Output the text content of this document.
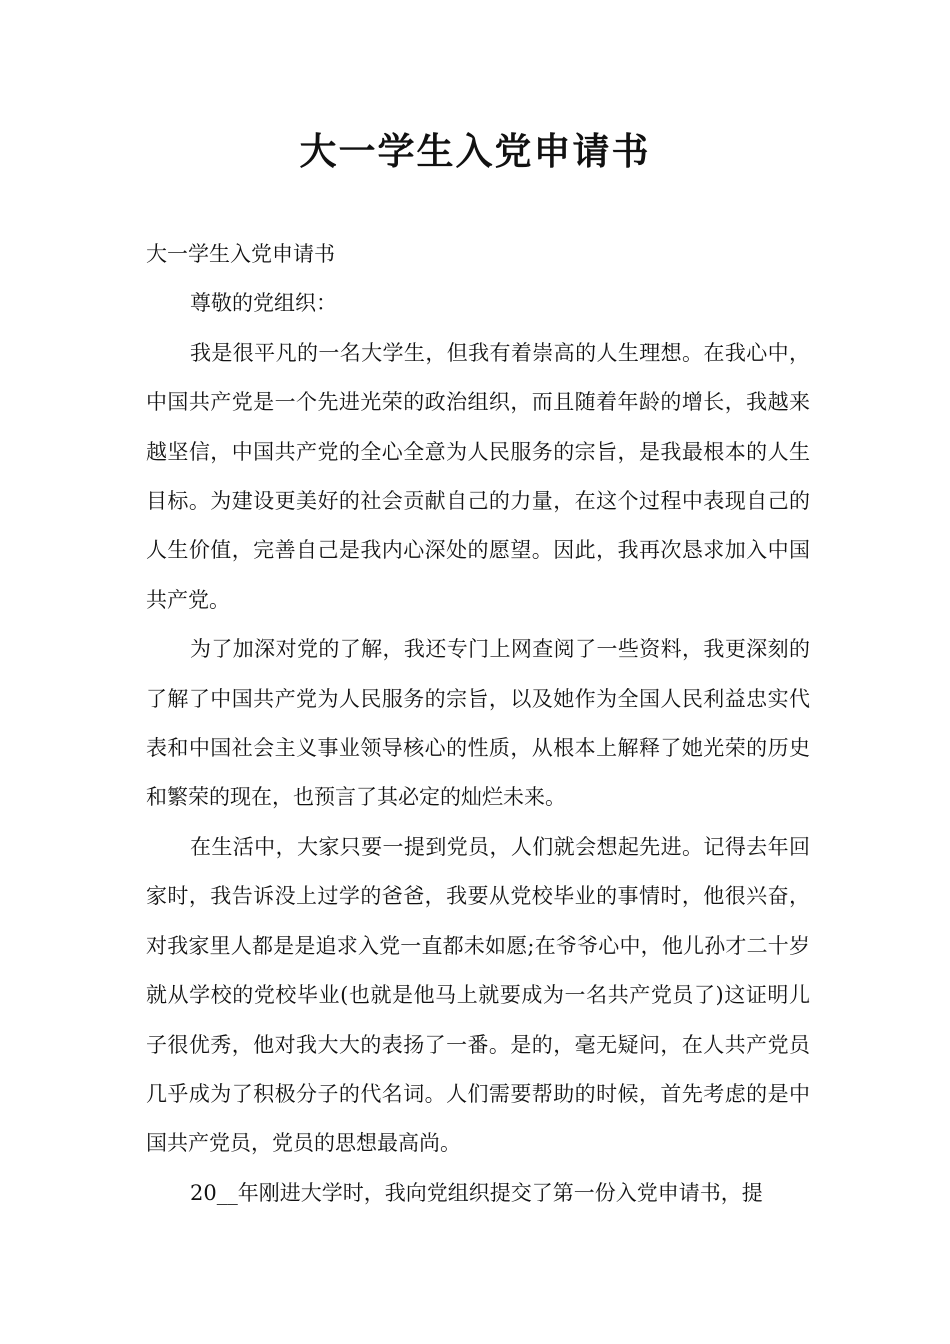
大一学生入党申请书

大一学生入党申请书

尊敬的党组织：

我是很平凡的一名大学生，但我有着崇高的人生理想。在我心中，中国共产党是一个先进光荣的政治组织，而且随着年龄的增长，我越来越坚信，中国共产党的全心全意为人民服务的宗旨，是我最根本的人生目标。为建设更美好的社会贡献自己的力量，在这个过程中表现自己的人生价值，完善自己是我内心深处的愿望。因此，我再次恳求加入中国共产党。

为了加深对党的了解，我还专门上网查阅了一些资料，我更深刻的了解了中国共产党为人民服务的宗旨，以及她作为全国人民利益忠实代表和中国社会主义事业领导核心的性质，从根本上解释了她光荣的历史和繁荣的现在，也预言了其必定的灿烂未来。

在生活中，大家只要一提到党员，人们就会想起先进。记得去年回家时，我告诉没上过学的爸爸，我要从党校毕业的事情时，他很兴奋，对我家里人都是是追求入党一直都未如愿;在爷爷心中，他儿孙才二十岁就从学校的党校毕业(也就是他马上就要成为一名共产党员了)这证明儿子很优秀，他对我大大的表扬了一番。是的，毫无疑问，在人共产党员几乎成为了积极分子的代名词。人们需要帮助的时候，首先考虑的是中国共产党员，党员的思想最高尚。

20__年刚进大学时，我向党组织提交了第一份入党申请书，提
